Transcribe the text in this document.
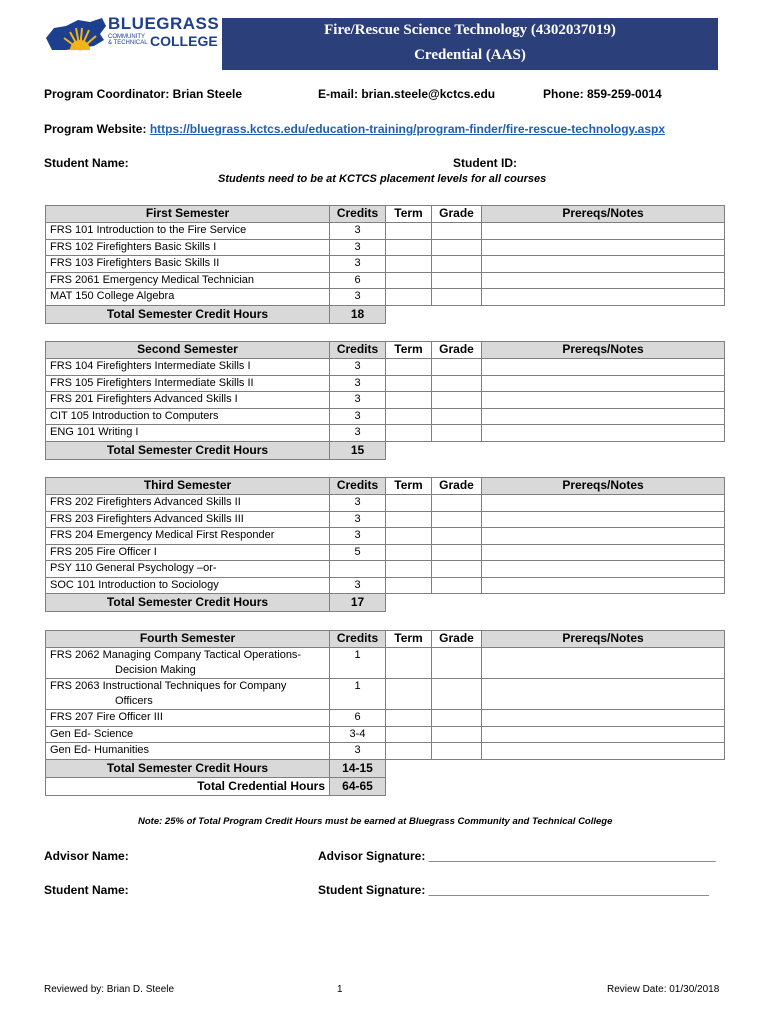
BLUEGRASS
COMMUNITY
& TECHNICAL COLLEGE
Fire/Rescue Science Technology (4302037019)
Credential (AAS)
Program Coordinator: Brian Steele	E-mail: brian.steele@kctcs.edu	Phone: 859-259-0014
Program Website: https://bluegrass.kctcs.edu/education-training/program-finder/fire-rescue-technology.aspx
Student Name:	Student ID:
Students need to be at KCTCS placement levels for all courses
First Semester	Credits	Term	Grade	Prereqs/Notes
FRS 101 Introduction to the Fire Service	3			
FRS 102 Firefighters Basic Skills I	3			
FRS 103 Firefighters Basic Skills II	3			
FRS 2061 Emergency Medical Technician	6			
MAT 150 College Algebra	3			
Total Semester Credit Hours	18			
Second Semester	Credits	Term	Grade	Prereqs/Notes
FRS 104 Firefighters Intermediate Skills I	3			
FRS 105 Firefighters Intermediate Skills II	3			
FRS 201 Firefighters Advanced Skills I	3			
CIT 105 Introduction to Computers	3			
ENG 101 Writing I	3			
Total Semester Credit Hours	15			
Third Semester	Credits	Term	Grade	Prereqs/Notes
FRS 202 Firefighters Advanced Skills II	3			
FRS 203 Firefighters Advanced Skills III	3			
FRS 204 Emergency Medical First Responder	3			
FRS 205 Fire Officer I	5			
PSY 110 General Psychology –or-				
SOC 101 Introduction to Sociology	3			
Total Semester Credit Hours	17			
Fourth Semester	Credits	Term	Grade	Prereqs/Notes

FRS 2062 Managing Company Tactical Operations-
Decision Making	1			

FRS 2063 Instructional Techniques for Company
Officers	1			
FRS 207 Fire Officer III	6			
Gen Ed- Science	3-4			
Gen Ed- Humanities	3			
Total Semester Credit Hours	14-15			
Total Credential Hours	64-65			
Note: 25% of Total Program Credit Hours must be earned at Bluegrass Community and Technical College
Advisor Name:	Advisor Signature: ___________________________________________
Student Name:	Student Signature: __________________________________________
Reviewed by: Brian D. Steele	1	Review Date: 01/30/2018
